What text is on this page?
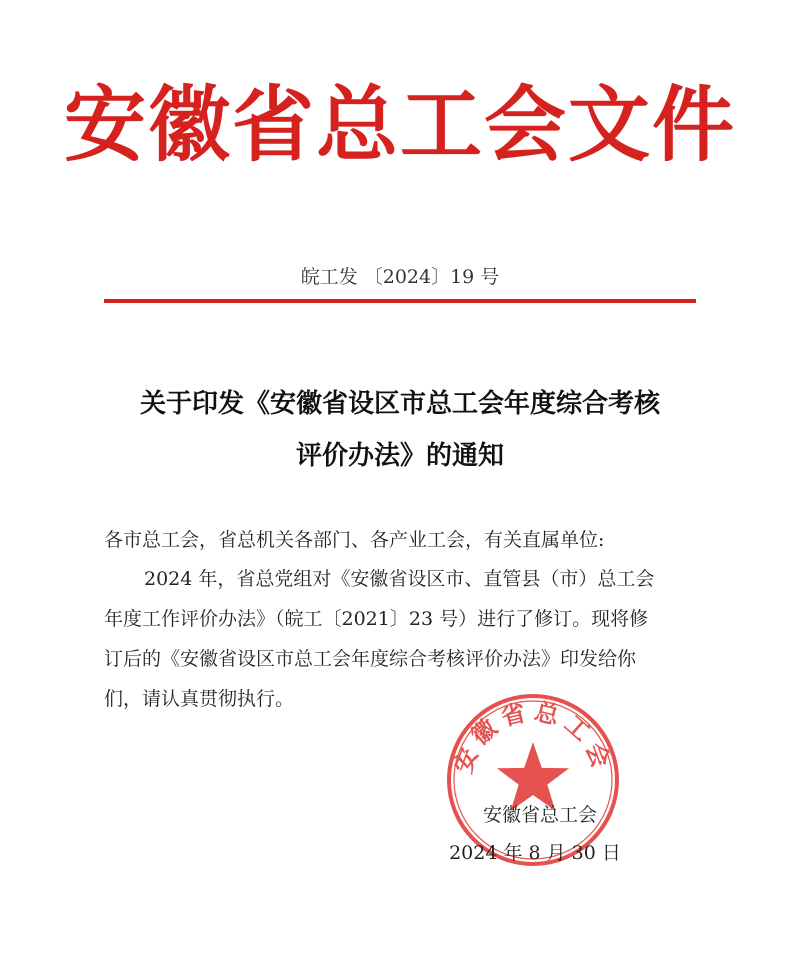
安徽省总工会文件
皖工发 〔2024〕19 号
关于印发《安徽省设区市总工会年度综合考核
评价办法》的通知
各市总工会，省总机关各部门、各产业工会，有关直属单位:
2024 年，省总党组对《安徽省设区市、直管县（市）总工会
年度工作评价办法》（皖工〔2021〕23 号）进行了修订。现将修
订后的《安徽省设区市总工会年度综合考核评价办法》印发给你
们，请认真贯彻执行。
安徽省总工会
安徽省总工会
2024 年 8 月 30 日
